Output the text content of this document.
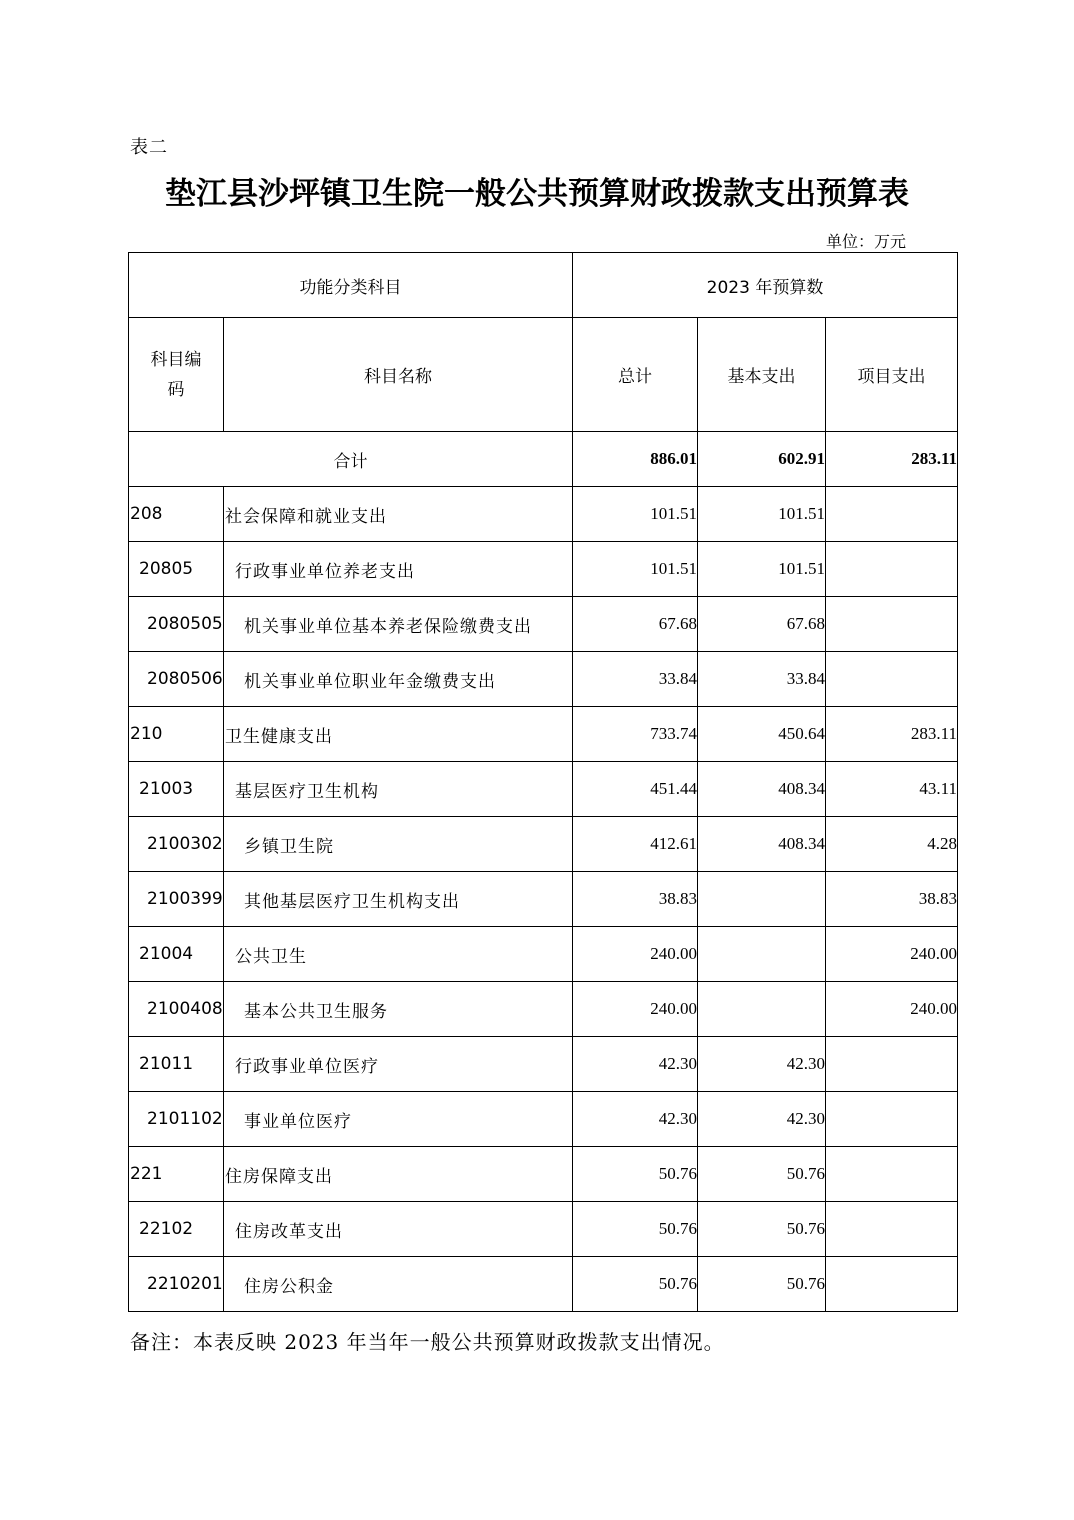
表二
垫江县沙坪镇卫生院一般公共预算财政拨款支出预算表
单位：万元
功能分类科目		2023 年预算数		

科目编
码	科目名称	总计	基本支出	项目支出
合计		886.01	602.91	283.11
208	社会保障和就业支出	101.51	101.51	
20805	行政事业单位养老支出	101.51	101.51	
2080505	机关事业单位基本养老保险缴费支出	67.68	67.68	
2080506	机关事业单位职业年金缴费支出	33.84	33.84	
210	卫生健康支出	733.74	450.64	283.11
21003	基层医疗卫生机构	451.44	408.34	43.11
2100302	乡镇卫生院	412.61	408.34	4.28
2100399	其他基层医疗卫生机构支出	38.83		38.83
21004	公共卫生	240.00		240.00
2100408	基本公共卫生服务	240.00		240.00
21011	行政事业单位医疗	42.30	42.30	
2101102	事业单位医疗	42.30	42.30	
221	住房保障支出	50.76	50.76	
22102	住房改革支出	50.76	50.76	
2210201	住房公积金	50.76	50.76	
备注：本表反映 2023 年当年一般公共预算财政拨款支出情况。
